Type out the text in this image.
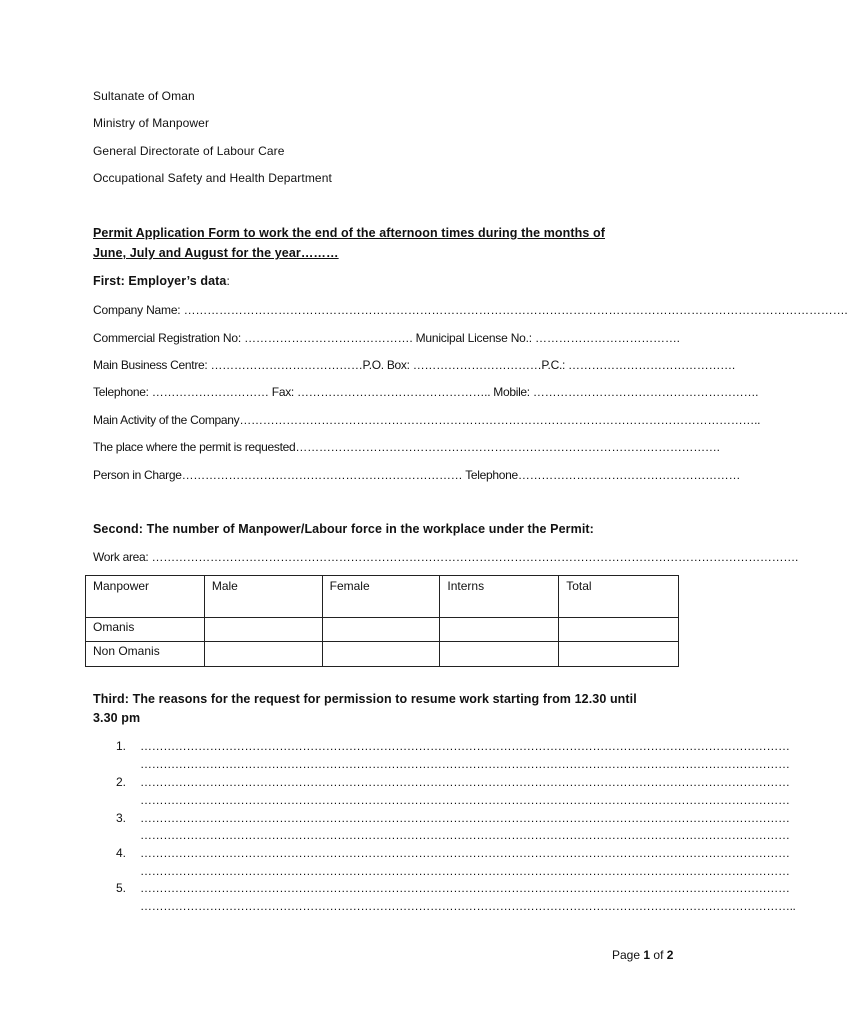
Sultanate of Oman
Ministry of Manpower
General Directorate of Labour Care
Occupational Safety and Health Department
Permit Application Form to work the end of the afternoon times during the months of
June, July and August for the year………
First: Employer’s data:
Company Name: …………………………………………………………………………………………………………………………………………………….
Commercial Registration No: ……………………………………. Municipal License No.: ……………………………….
Main Business Centre: …………………………………P.O. Box: ……………………………P.C.: …………………………………….
Telephone: ………………………… Fax: ………………………………………….. Mobile: ………………………………………………….
Main Activity of the Company……………………………………………………………………………………………………………………..
The place where the permit is requested……………………………………………………………………………………………….
Person in Charge……………………………………………………………… Telephone…………………………………………………
Second: The number of Manpower/Labour force in the workplace under the Permit:
Work area: ………………………………………………………………………………………………………………………………………………….
Manpower	Male	Female	Interns	Total
Omanis				
Non Omanis				
Third: The reasons for the request for permission to resume work starting from 12.30 until
3.30 pm
1. ……………………………………………………………………………………………………………………………………………………
……………………………………………………………………………………………………………………………………………………
2. ……………………………………………………………………………………………………………………………………………………
……………………………………………………………………………………………………………………………………………………
3. ……………………………………………………………………………………………………………………………………………………
……………………………………………………………………………………………………………………………………………………
4. ……………………………………………………………………………………………………………………………………………………
……………………………………………………………………………………………………………………………………………………
5. ……………………………………………………………………………………………………………………………………………………
……………………………………………………………………………………………………………………………………………………..
Page 1 of 2
